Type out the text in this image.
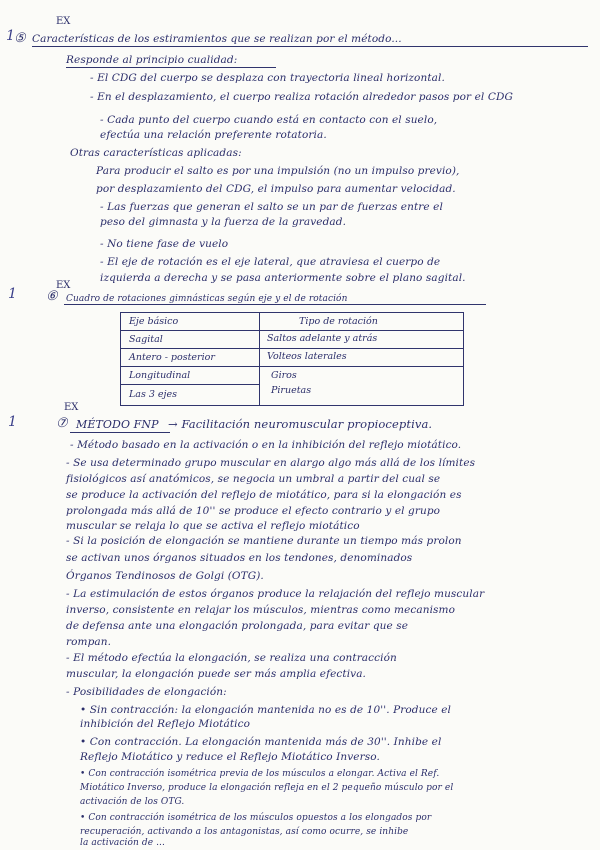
1
EX
⑤ Características de los estiramientos que se realizan por el método...
Responde al principio cualidad:
- El CDG del cuerpo se desplaza con trayectoria lineal horizontal.
- En el desplazamiento, el cuerpo realiza rotación alrededor pasos por el CDG
- Cada punto del cuerpo cuando está en contacto con el suelo,
efectúa una relación preferente rotatoria.
Otras características aplicadas:
Para producir el salto es por una impulsión (no un impulso previo),
por desplazamiento del CDG, el impulso para aumentar velocidad.
- Las fuerzas que generan el salto se un par de fuerzas entre el
peso del gimnasta y la fuerza de la gravedad.
- No tiene fase de vuelo
- El eje de rotación es el eje lateral, que atraviesa el cuerpo de
izquierda a derecha y se pasa anteriormente sobre el plano sagital.
1
EX
⑥ Cuadro de rotaciones gimnásticas según eje y el de rotación
Eje básico	Tipo de rotación
Sagital	Saltos adelante y atrás
Antero - posterior	Volteos laterales
Longitudinal	Giros
Las 3 ejes	Piruetas
1
EX
⑦ MÉTODO FNP → Facilitación neuromuscular propioceptiva.
- Método basado en la activación o en la inhibición del reflejo miotático.
- Se usa determinado grupo muscular en alargo algo más allá de los límites
fisiológicos así anatómicos, se negocia un umbral a partir del cual se
se produce la activación del reflejo de miotático, para si la elongación es
prolongada más allá de 10'' se produce el efecto contrario y el grupo
muscular se relaja lo que se activa el reflejo miotático
- Si la posición de elongación se mantiene durante un tiempo más prolon
se activan unos órganos situados en los tendones, denominados
Órganos Tendinosos de Golgi (OTG).
- La estimulación de estos órganos produce la relajación del reflejo muscular
inverso, consistente en relajar los músculos, mientras como mecanismo
de defensa ante una elongación prolongada, para evitar que se
rompan.
- El método efectúa la elongación, se realiza una contracción
muscular, la elongación puede ser más amplia efectiva.
- Posibilidades de elongación:
• Sin contracción: la elongación mantenida no es de 10''. Produce el
inhibición del Reflejo Miotático
• Con contracción. La elongación mantenida más de 30''. Inhibe el
Reflejo Miotático y reduce el Reflejo Miotático Inverso.
• Con contracción isométrica previa de los músculos a elongar. Activa el Ref.
Miotático Inverso, produce la elongación refleja en el 2 pequeño músculo por el
activación de los OTG.
• Con contracción isométrica de los músculos opuestos a los elongados por
recuperación, activando a los antagonistas, así como ocurre, se inhibe
la activación de ...
